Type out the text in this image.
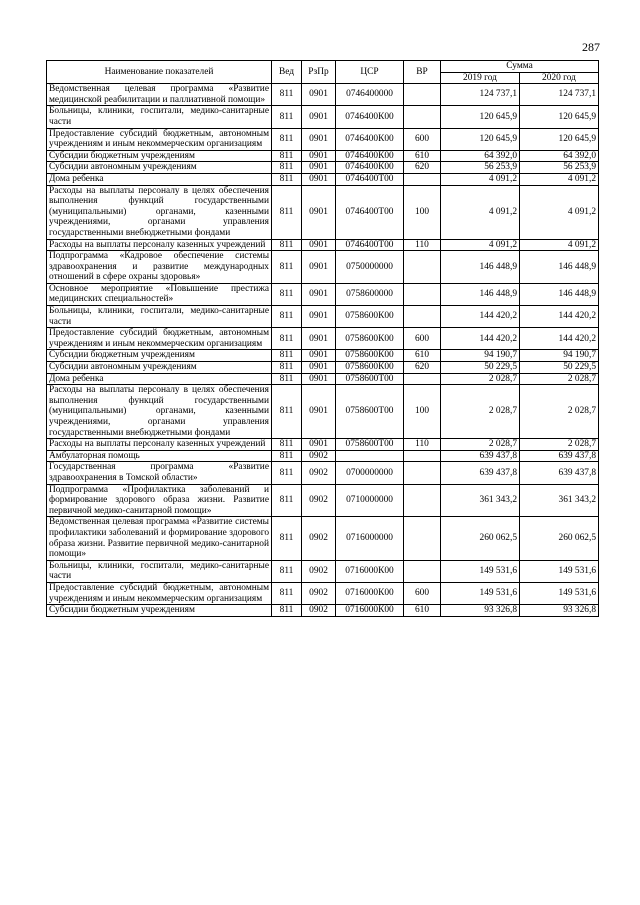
287
Наименование показателей	Вед	РзПр	ЦСР	ВР	Сумма	
					2019 год	2020 год
Ведомственная целевая программа «Развитие медицинской реабилитации и паллиативной помощи»	811	0901	0746400000		124 737,1	124 737,1
Больницы, клиники, госпитали, медико-санитарные части	811	0901	0746400К00		120 645,9	120 645,9
Предоставление субсидий бюджетным, автономным учреждениям и иным некоммерческим организациям	811	0901	0746400К00	600	120 645,9	120 645,9
Субсидии бюджетным учреждениям	811	0901	0746400К00	610	64 392,0	64 392,0
Субсидии автономным учреждениям	811	0901	0746400К00	620	56 253,9	56 253,9
Дома ребенка	811	0901	0746400Т00		4 091,2	4 091,2
Расходы на выплаты персоналу в целях обеспечения выполнения функций государственными (муниципальными) органами, казенными учреждениями, органами управления государственными внебюджетными фондами	811	0901	0746400Т00	100	4 091,2	4 091,2
Расходы на выплаты персоналу казенных учреждений	811	0901	0746400Т00	110	4 091,2	4 091,2
Подпрограмма «Кадровое обеспечение системы здравоохранения и развитие международных отношений в сфере охраны здоровья»	811	0901	0750000000		146 448,9	146 448,9
Основное мероприятие «Повышение престижа медицинских специальностей»	811	0901	0758600000		146 448,9	146 448,9
Больницы, клиники, госпитали, медико-санитарные части	811	0901	0758600К00		144 420,2	144 420,2
Предоставление субсидий бюджетным, автономным учреждениям и иным некоммерческим организациям	811	0901	0758600К00	600	144 420,2	144 420,2
Субсидии бюджетным учреждениям	811	0901	0758600К00	610	94 190,7	94 190,7
Субсидии автономным учреждениям	811	0901	0758600К00	620	50 229,5	50 229,5
Дома ребенка	811	0901	0758600Т00		2 028,7	2 028,7
Расходы на выплаты персоналу в целях обеспечения выполнения функций государственными (муниципальными) органами, казенными учреждениями, органами управления государственными внебюджетными фондами	811	0901	0758600Т00	100	2 028,7	2 028,7
Расходы на выплаты персоналу казенных учреждений	811	0901	0758600Т00	110	2 028,7	2 028,7
Амбулаторная помощь	811	0902			639 437,8	639 437,8
Государственная программа «Развитие здравоохранения в Томской области»	811	0902	0700000000		639 437,8	639 437,8
Подпрограмма «Профилактика заболеваний и формирование здорового образа жизни. Развитие первичной медико-санитарной помощи»	811	0902	0710000000		361 343,2	361 343,2
Ведомственная целевая программа «Развитие системы профилактики заболеваний и формирование здорового образа жизни. Развитие первичной медико-санитарной помощи»	811	0902	0716000000		260 062,5	260 062,5
Больницы, клиники, госпитали, медико-санитарные части	811	0902	0716000К00		149 531,6	149 531,6
Предоставление субсидий бюджетным, автономным учреждениям и иным некоммерческим организациям	811	0902	0716000К00	600	149 531,6	149 531,6
Субсидии бюджетным учреждениям	811	0902	0716000К00	610	93 326,8	93 326,8
